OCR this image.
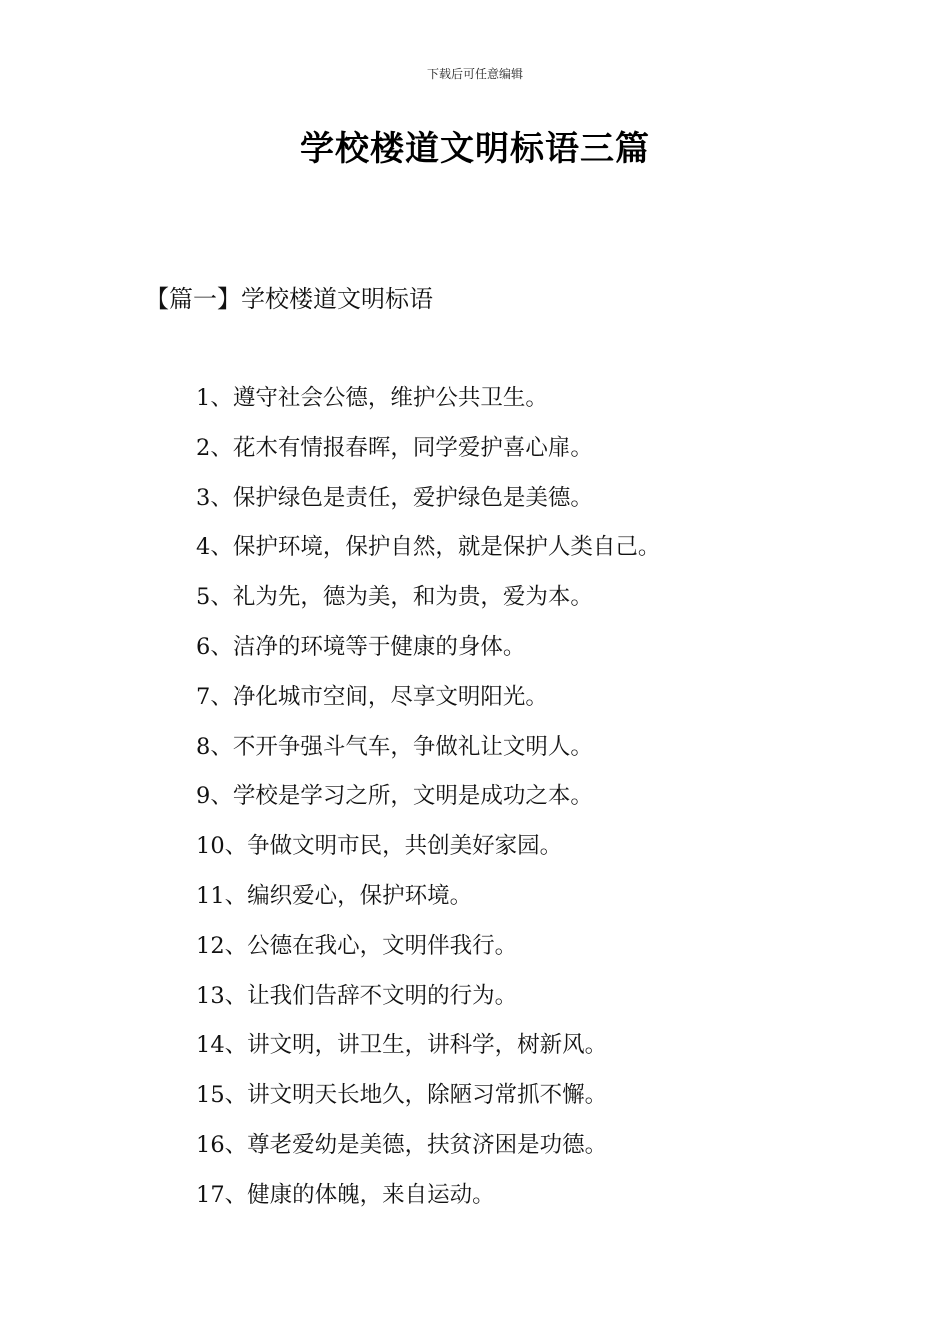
下载后可任意编辑
学校楼道文明标语三篇
【篇一】学校楼道文明标语
1、遵守社会公德，维护公共卫生。
2、花木有情报春晖，同学爱护喜心扉。
3、保护绿色是责任，爱护绿色是美德。
4、保护环境，保护自然，就是保护人类自己。
5、礼为先，德为美，和为贵，爱为本。
6、洁净的环境等于健康的身体。
7、净化城市空间，尽享文明阳光。
8、不开争强斗气车，争做礼让文明人。
9、学校是学习之所，文明是成功之本。
10、争做文明市民，共创美好家园。
11、编织爱心，保护环境。
12、公德在我心，文明伴我行。
13、让我们告辞不文明的行为。
14、讲文明，讲卫生，讲科学，树新风。
15、讲文明天长地久，除陋习常抓不懈。
16、尊老爱幼是美德，扶贫济困是功德。
17、健康的体魄，来自运动。
